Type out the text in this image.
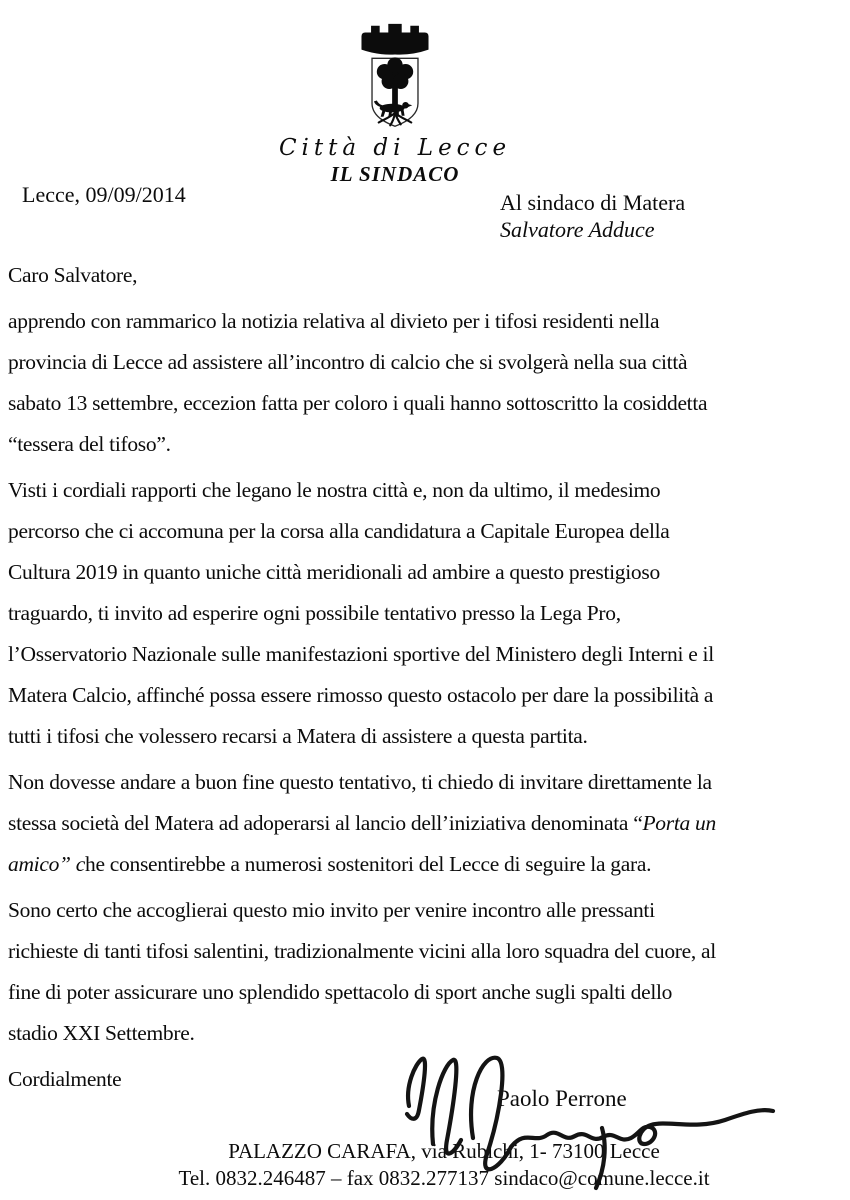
Città di Lecce
IL SINDACO
Lecce, 09/09/2014	Al sindaco di Matera
Salvatore Adduce
Caro Salvatore,
apprendo con rammarico la notizia relativa al divieto per i tifosi residenti nella
provincia di Lecce ad assistere all’incontro di calcio che si svolgerà nella sua città
sabato 13 settembre, eccezion fatta per coloro i quali hanno sottoscritto la cosiddetta
“tessera del tifoso”.
Visti i cordiali rapporti che legano le nostra città e, non da ultimo, il medesimo
percorso che ci accomuna per la corsa alla candidatura a Capitale Europea della
Cultura 2019 in quanto uniche città meridionali ad ambire a questo prestigioso
traguardo, ti invito ad esperire ogni possibile tentativo presso la Lega Pro,
l’Osservatorio Nazionale sulle manifestazioni sportive del Ministero degli Interni e il
Matera Calcio, affinché possa essere rimosso questo ostacolo per dare la possibilità a
tutti i tifosi che volessero recarsi a Matera di assistere a questa partita.
Non dovesse andare a buon fine questo tentativo, ti chiedo di invitare direttamente la
stessa società del Matera ad adoperarsi al lancio dell’iniziativa denominata “Porta un
amico” che consentirebbe a numerosi sostenitori del Lecce di seguire la gara.
Sono certo che accoglierai questo mio invito per venire incontro alle pressanti
richieste di tanti tifosi salentini, tradizionalmente vicini alla loro squadra del cuore, al
fine di poter assicurare uno splendido spettacolo di sport anche sugli spalti dello
stadio XXI Settembre.
Cordialmente
Paolo Perrone
PALAZZO CARAFA, via Rubichi, 1- 73100 Lecce
Tel. 0832.246487 – fax 0832.277137 sindaco@comune.lecce.it
